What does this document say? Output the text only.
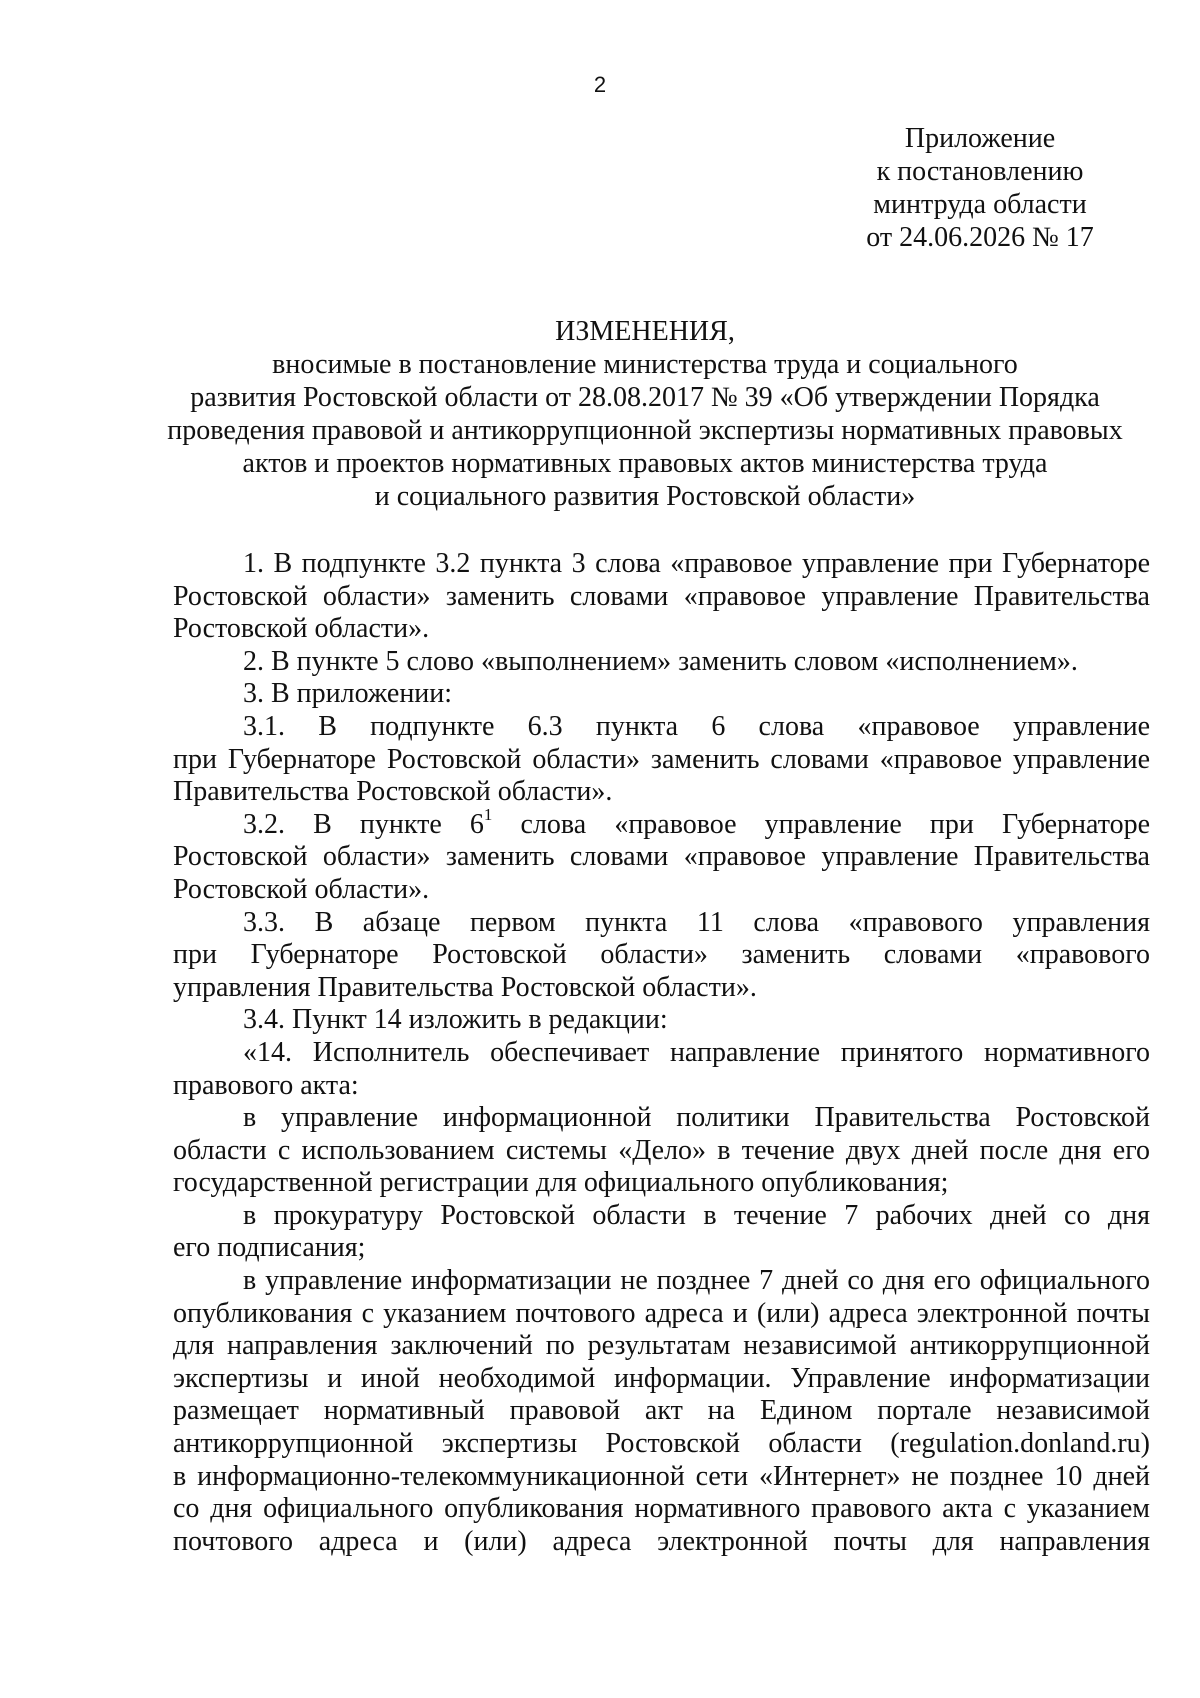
2
Приложение
к постановлению
минтруда области
от 24.06.2026 № 17
ИЗМЕНЕНИЯ,
вносимые в постановление министерства труда и социального
развития Ростовской области от 28.08.2017 № 39 «Об утверждении Порядка
проведения правовой и антикоррупционной экспертизы нормативных правовых
актов и проектов нормативных правовых актов министерства труда
и социального развития Ростовской области»
1. В подпункте 3.2 пункта 3 слова «правовое управление при Губернаторе
Ростовской области» заменить словами «правовое управление Правительства
Ростовской области».
2. В пункте 5 слово «выполнением» заменить словом «исполнением».
3. В приложении:
3.1. В подпункте 6.3 пункта 6 слова «правовое управление
при Губернаторе Ростовской области» заменить словами «правовое управление
Правительства Ростовской области».
3.2. В пункте $6^1$ слова «правовое управление при Губернаторе
Ростовской области» заменить словами «правовое управление Правительства
Ростовской области».
3.3. В абзаце первом пункта 11 слова «правового управления
при Губернаторе Ростовской области» заменить словами «правового
управления Правительства Ростовской области».
3.4. Пункт 14 изложить в редакции:
«14. Исполнитель обеспечивает направление принятого нормативного
правового акта:
в управление информационной политики Правительства Ростовской
области с использованием системы «Дело» в течение двух дней после дня его
государственной регистрации для официального опубликования;
в прокуратуру Ростовской области в течение 7 рабочих дней со дня
его подписания;
в управление информатизации не позднее 7 дней со дня его официального
опубликования с указанием почтового адреса и (или) адреса электронной почты
для направления заключений по результатам независимой антикоррупционной
экспертизы и иной необходимой информации. Управление информатизации
размещает нормативный правовой акт на Едином портале независимой
антикоррупционной экспертизы Ростовской области (regulation.donland.ru)
в информационно-телекоммуникационной сети «Интернет» не позднее 10 дней
со дня официального опубликования нормативного правового акта с указанием
почтового адреса и (или) адреса электронной почты для направления
